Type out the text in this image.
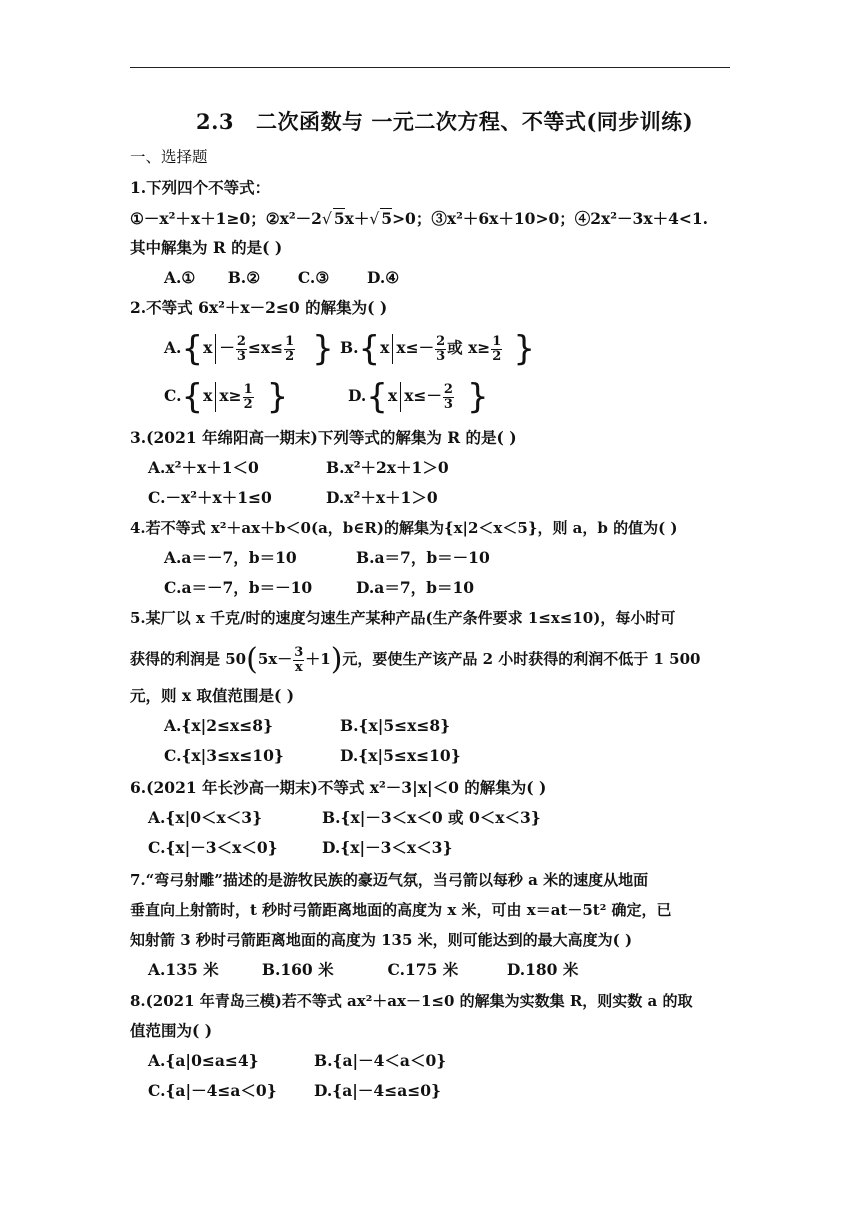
2.3 二次函数与 一元二次方程、不等式(同步训练)
一、选择题
1.下列四个不等式：
①－x²＋x＋1≥0；②x²－2√ 5x＋√ 5>0；③x²＋6x＋10>0；④2x²－3x＋4<1.
其中解集为 R 的是( )
A.①      B.②       C.③       D.④
2.不等式 6x²＋x－2≤0 的解集为( )
$A.\{x - \frac{2}{3} \le x\le \frac{1}{2}$ } B.{x $x\le- \frac{2}{3}$ 或 $x\ge \frac{1}{2}$ }
C.{x $x\ge \frac{1}{2}$ }	D.{x $x\le- \frac{2}{3}$ }
3.(2021 年绵阳高一期末)下列等式的解集为 R 的是( )
A.x²＋x＋1＜0	B.x²＋2x＋1＞0
C.－x²＋x＋1≤0	D.x²＋x＋1＞0
4.若不等式 x²＋ax＋b＜0(a，b∈R)的解集为{x|2＜x＜5}，则 a，b 的值为( )
A.a＝－7，b＝10	B.a＝7，b＝－10
C.a＝－7，b＝－10	D.a＝7，b＝10
5.某厂以 x 千克/时的速度匀速生产某种产品(生产条件要求 1≤x≤10)，每小时可
获得的利润是 $50(5x- \frac{3}{x} +1)$元，要使生产该产品 2 小时获得的利润不低于 1 500
元，则 x 取值范围是( )
A.{x|2≤x≤8}	B.{x|5≤x≤8}
C.{x|3≤x≤10}	D.{x|5≤x≤10}
6.(2021 年长沙高一期末)不等式 x²－3|x|＜0 的解集为( )
A.{x|0＜x＜3}	B.{x|－3＜x＜0 或 0＜x＜3}
C.{x|－3＜x＜0}	D.{x|－3＜x＜3}
7.“弯弓射雕”描述的是游牧民族的豪迈气氛，当弓箭以每秒 a 米的速度从地面
垂直向上射箭时，t 秒时弓箭距离地面的高度为 x 米，可由 x＝at－5t² 确定，已
知射箭 3 秒时弓箭距离地面的高度为 135 米，则可能达到的最大高度为( )
A.135 米        B.160 米          C.175 米         D.180 米
8.(2021 年青岛三模)若不等式 ax²＋ax－1≤0 的解集为实数集 R，则实数 a 的取
值范围为( )
A.{a|0≤a≤4}	B.{a|－4＜a＜0}
C.{a|－4≤a＜0} D.{a|－4≤a≤0}
